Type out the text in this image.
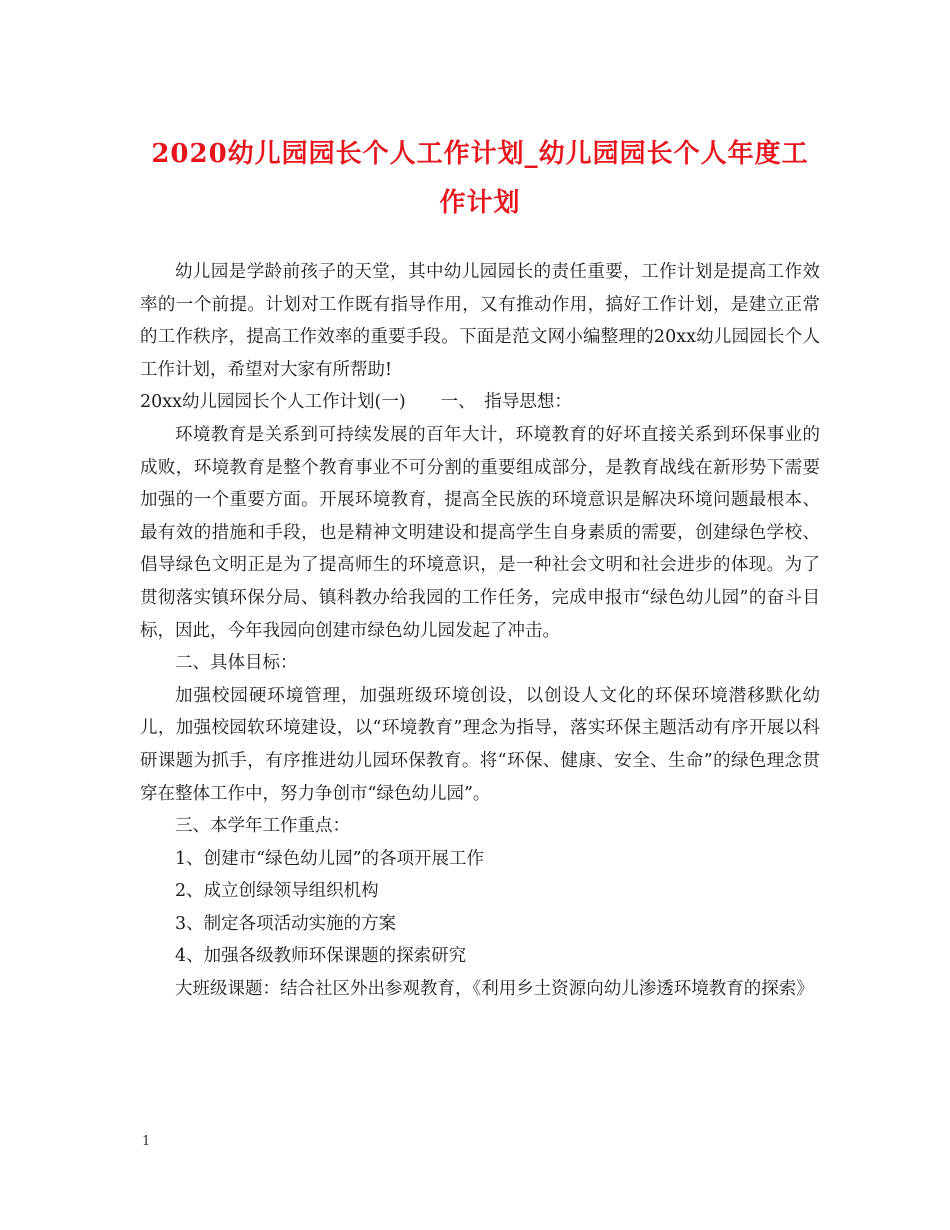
2020幼儿园园长个人工作计划_幼儿园园长个人年度工作计划

幼儿园是学龄前孩子的天堂，其中幼儿园园长的责任重要，工作计划是提高工作效率的一个前提。计划对工作既有指导作用，又有推动作用，搞好工作计划，是建立正常的工作秩序，提高工作效率的重要手段。下面是范文网小编整理的20xx幼儿园园长个人工作计划，希望对大家有所帮助!

20xx幼儿园园长个人工作计划(一)　　一、　指导思想：

环境教育是关系到可持续发展的百年大计，环境教育的好坏直接关系到环保事业的成败，环境教育是整个教育事业不可分割的重要组成部分，是教育战线在新形势下需要加强的一个重要方面。开展环境教育，提高全民族的环境意识是解决环境问题最根本、最有效的措施和手段，也是精神文明建设和提高学生自身素质的需要，创建绿色学校、倡导绿色文明正是为了提高师生的环境意识，是一种社会文明和社会进步的体现。为了贯彻落实镇环保分局、镇科教办给我园的工作任务，完成申报市“绿色幼儿园”的奋斗目标，因此，今年我园向创建市绿色幼儿园发起了冲击。

二、具体目标：

加强校园硬环境管理，加强班级环境创设，以创设人文化的环保环境潜移默化幼儿，加强校园软环境建设，以“环境教育”理念为指导，落实环保主题活动有序开展以科研课题为抓手，有序推进幼儿园环保教育。将“环保、健康、安全、生命”的绿色理念贯穿在整体工作中，努力争创市“绿色幼儿园”。

三、本学年工作重点：

1、创建市“绿色幼儿园”的各项开展工作

2、成立创绿领导组织机构

3、制定各项活动实施的方案

4、加强各级教师环保课题的探索研究

大班级课题：结合社区外出参观教育，《利用乡土资源向幼儿渗透环境教育的探索》

1
